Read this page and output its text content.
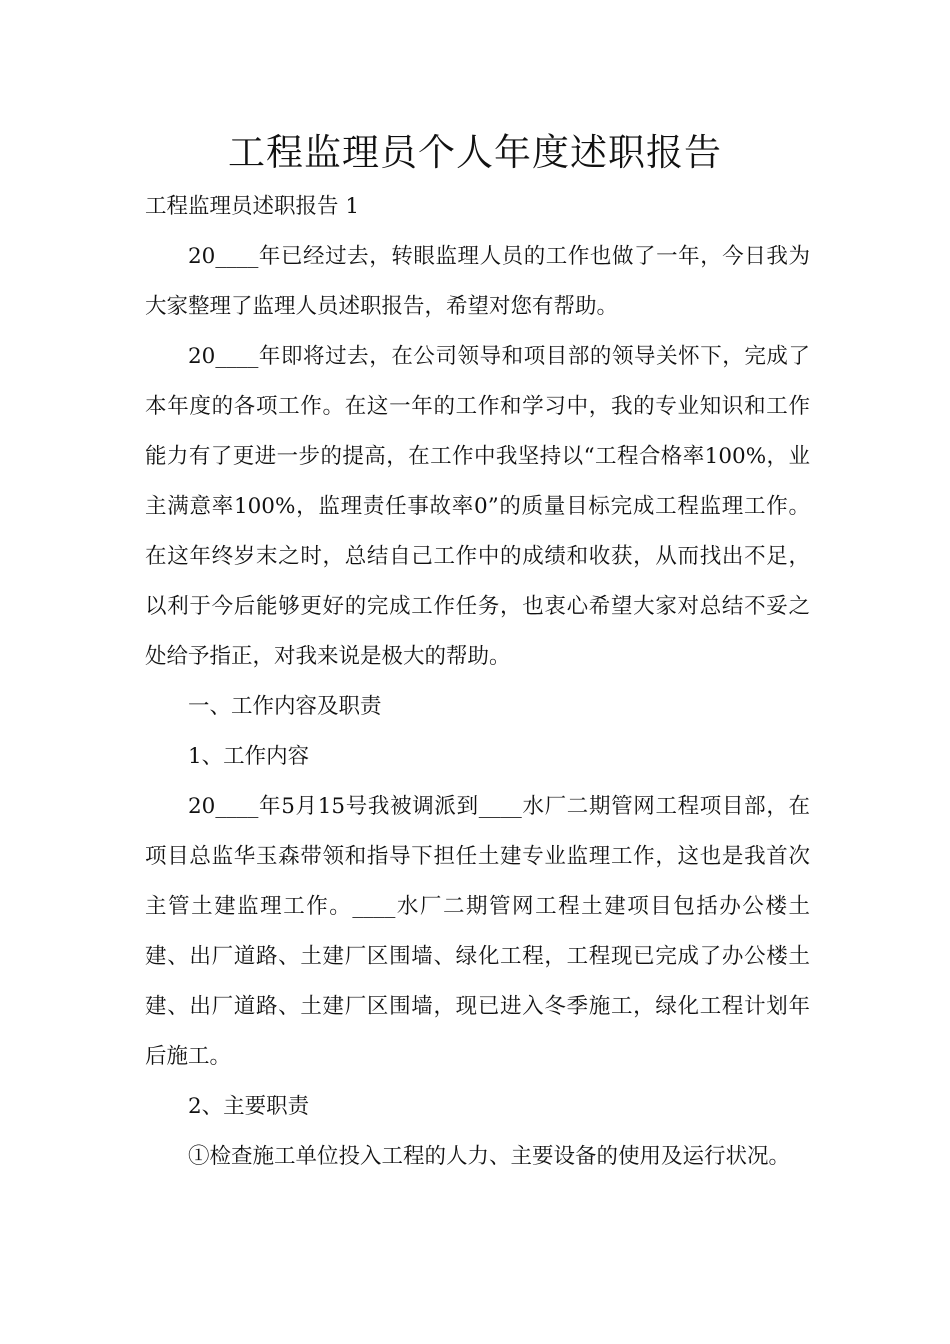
工程监理员个人年度述职报告

工程监理员述职报告 1

20____年已经过去，转眼监理人员的工作也做了一年，今日我为大家整理了监理人员述职报告，希望对您有帮助。

20____年即将过去，在公司领导和项目部的领导关怀下，完成了本年度的各项工作。在这一年的工作和学习中，我的专业知识和工作能力有了更进一步的提高，在工作中我坚持以“工程合格率100%，业主满意率100%，监理责任事故率0”的质量目标完成工程监理工作。在这年终岁末之时，总结自己工作中的成绩和收获，从而找出不足，以利于今后能够更好的完成工作任务，也衷心希望大家对总结不妥之处给予指正，对我来说是极大的帮助。

一、工作内容及职责

1、工作内容

20____年5月15号我被调派到____水厂二期管网工程项目部，在项目总监华玉森带领和指导下担任土建专业监理工作，这也是我首次主管土建监理工作。____水厂二期管网工程土建项目包括办公楼土建、出厂道路、土建厂区围墙、绿化工程，工程现已完成了办公楼土建、出厂道路、土建厂区围墙，现已进入冬季施工，绿化工程计划年后施工。

2、主要职责

①检查施工单位投入工程的人力、主要设备的使用及运行状况。
